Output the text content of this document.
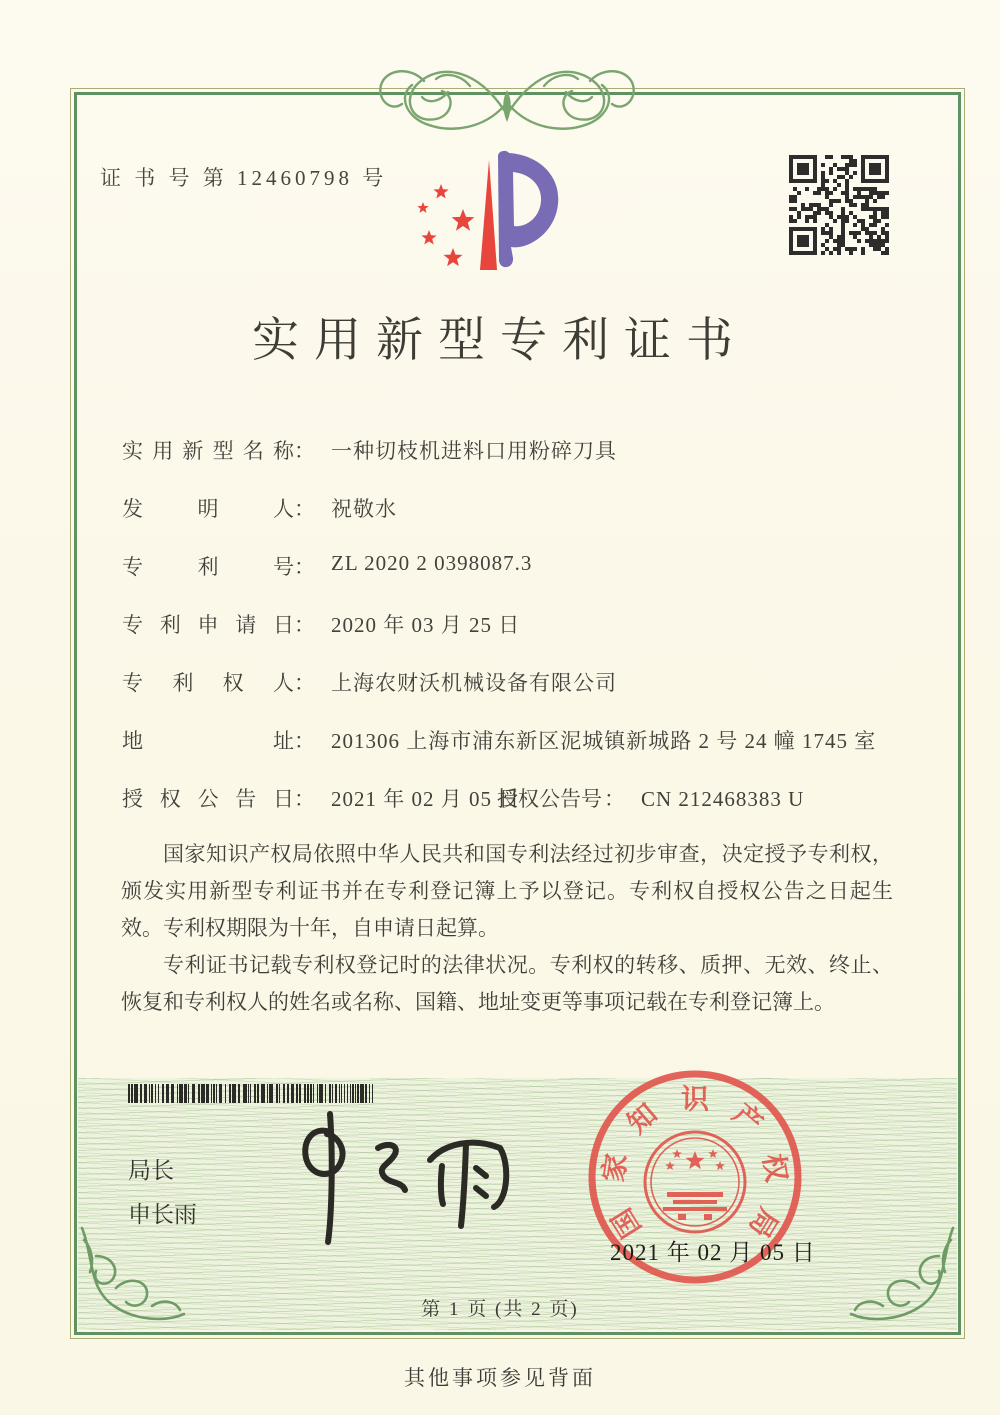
证 书 号 第 12460798 号
实用新型专利证书
实用新型名称： 一种切枝机进料口用粉碎刀具
发明人： 祝敬水
专利号： ZL 2020 2 0398087.3
专利申请日： 2020 年 03 月 25 日
专利权人： 上海农财沃机械设备有限公司
地址： 201306 上海市浦东新区泥城镇新城路 2 号 24 幢 1745 室
授权公告日： 2021 年 02 月 05 日
授权公告号： CN 212468383 U

国家知识产权局依照中华人民共和国专利法经过初步审查，决定授予专利权，颁发实用新型专利证书并在专利登记簿上予以登记。专利权自授权公告之日起生效。专利权期限为十年，自申请日起算。

专利证书记载专利权登记时的法律状况。专利权的转移、质押、无效、终止、恢复和专利权人的姓名或名称、国籍、地址变更等事项记载在专利登记簿上。

局长
申长雨	国
家
知 识 产
权
局
2021 年 02 月 05 日
第 1 页 (共 2 页)
其他事项参见背面
